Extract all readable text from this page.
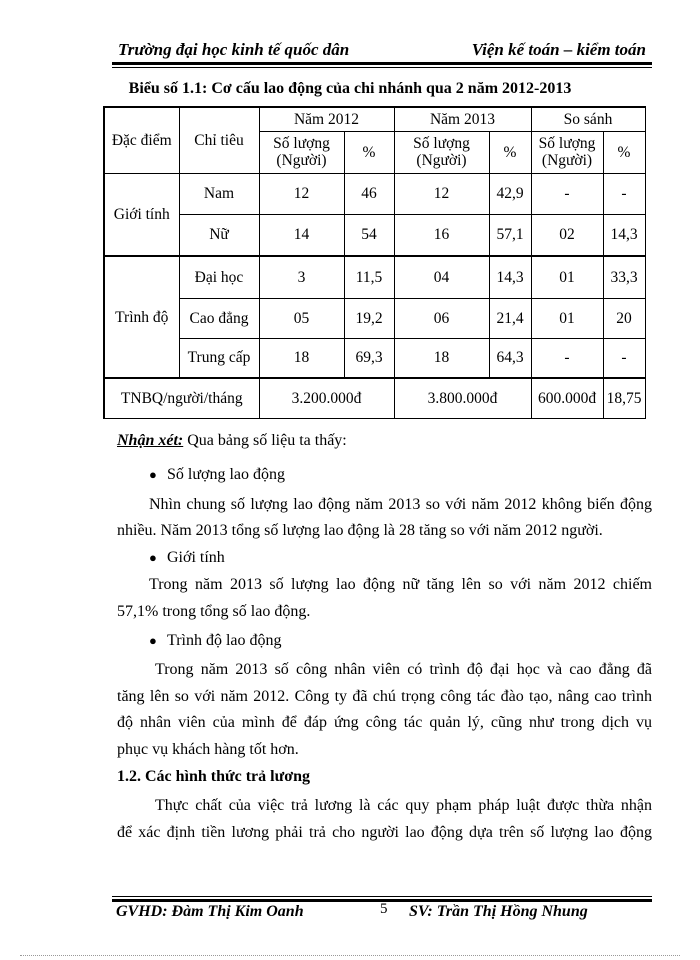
Trường đại học kinh tế quốc dân	Viện kế toán – kiểm toán
Biểu số 1.1: Cơ cấu lao động của chi nhánh qua 2 năm 2012-2013
Đặc điểm	Chỉ tiêu	Năm 2012		Năm 2013		So sánh	
		Số lượng (Người)	%	Số lượng (Người)	%	Số lượng (Người)	%
Giới tính	Nam	12	46	12	42,9	-	-
	Nữ	14	54	16	57,1	02	14,3
Trình độ	Đại học	3	11,5	04	14,3	01	33,3
	Cao đẳng	05	19,2	06	21,4	01	20
	Trung cấp	18	69,3	18	64,3	-	-
TNBQ/người/tháng		3.200.000đ		3.800.000đ		600.000đ	18,75
Nhận xét: Qua bảng số liệu ta thấy:
● Số lượng lao động
Nhìn chung số lượng lao động năm 2013 so với năm 2012 không biến động
nhiều. Năm 2013 tổng số lượng lao động là 28 tăng so với năm 2012 người.
● Giới tính
Trong năm 2013 số lượng lao động nữ tăng lên so với năm 2012 chiếm
57,1% trong tổng số lao động.
● Trình độ lao động
Trong năm 2013 số công nhân viên có trình độ đại học và cao đẳng đã
tăng lên so với năm 2012. Công ty đã chú trọng công tác đào tạo, nâng cao trình
độ nhân viên của mình để đáp ứng công tác quản lý, cũng như trong dịch vụ
phục vụ khách hàng tốt hơn.
1.2. Các hình thức trả lương
Thực chất của việc trả lương là các quy phạm pháp luật được thừa nhận
để xác định tiền lương phải trả cho người lao động dựa trên số lượng lao động
GVHD: Đàm Thị Kim Oanh	5 SV: Trần Thị Hồng Nhung
